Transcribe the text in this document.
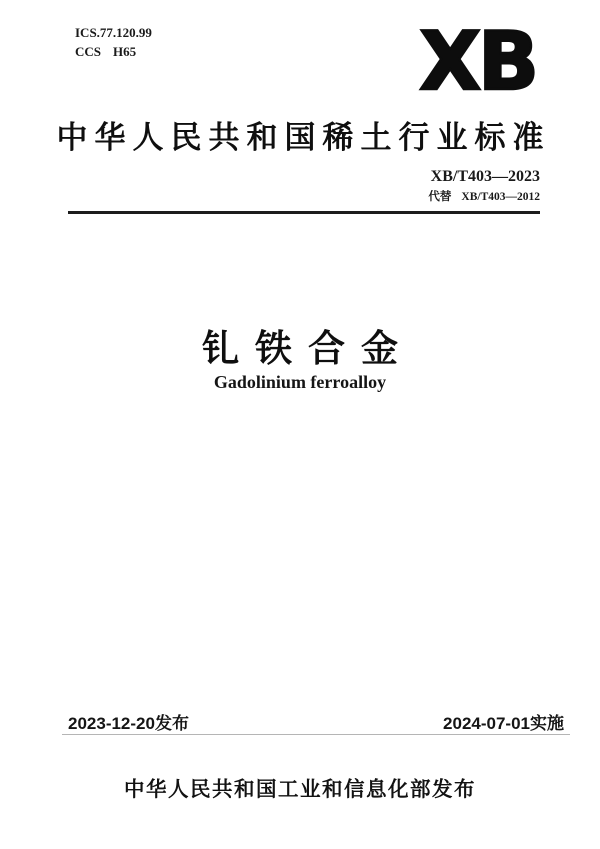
ICS.77.120.99
CCS H65	XB
中华人民共和国稀土行业标准
XB/T403—2023
代替 XB/T403—2012
钆铁合金
Gadolinium ferroalloy
2023-12-20发布	2024-07-01实施
中华人民共和国工业和信息化部发布
